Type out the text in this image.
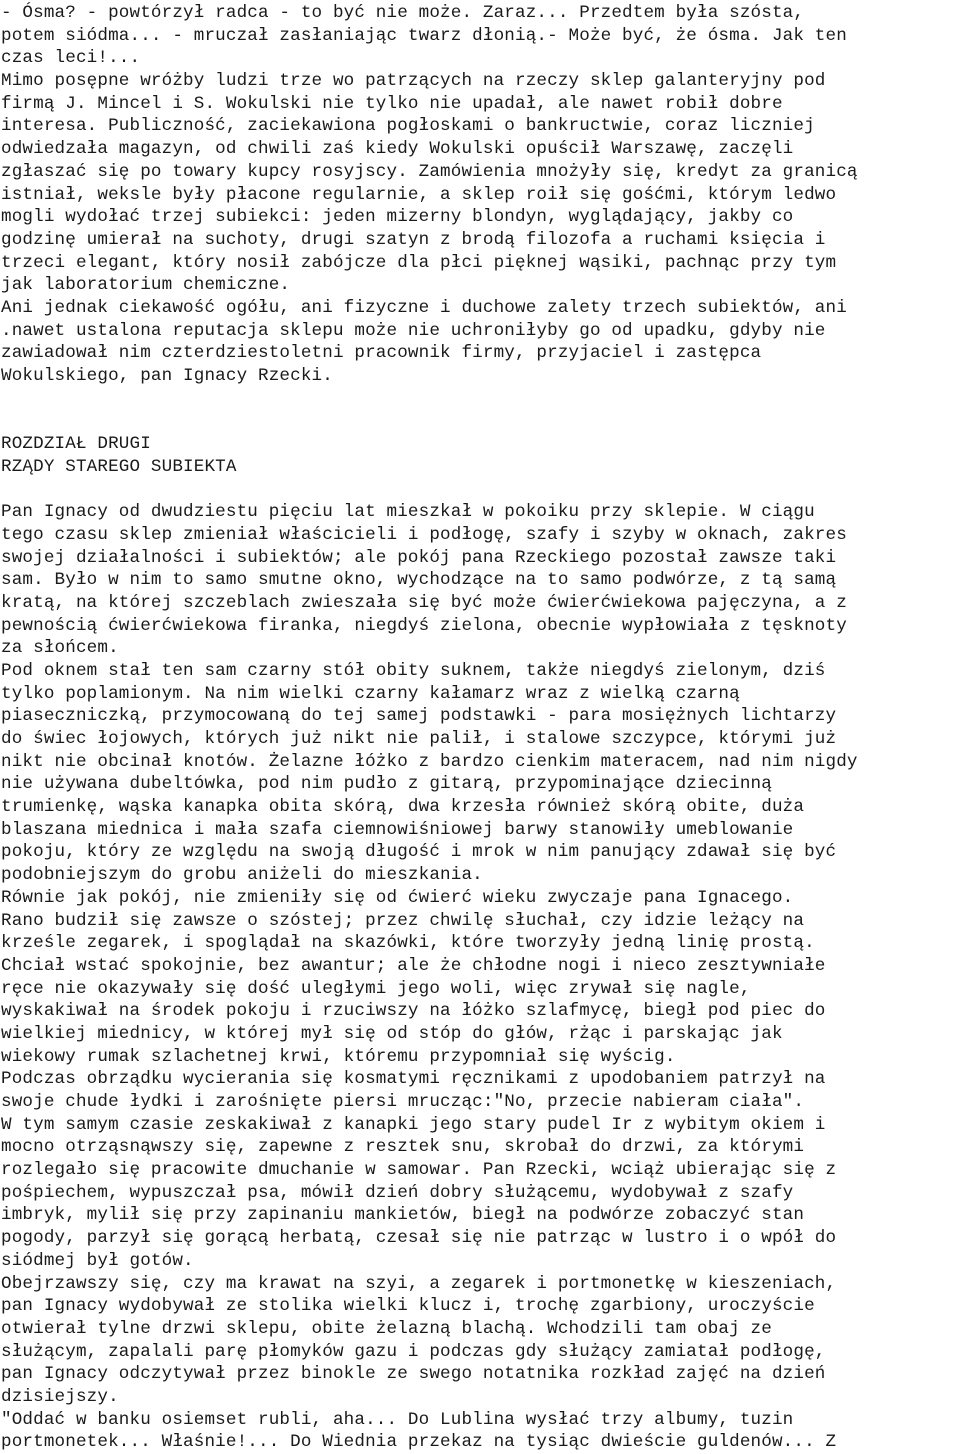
- Ósma? - powtórzył radca - to być nie może. Zaraz... Przedtem była szósta,
potem siódma... - mruczał zasłaniając twarz dłonią.- Może być, że ósma. Jak ten
czas leci!...
Mimo posępne wróżby ludzi trze wo patrzących na rzeczy sklep galanteryjny pod
firmą J. Mincel i S. Wokulski nie tylko nie upadał, ale nawet robił dobre
interesa. Publiczność, zaciekawiona pogłoskami o bankructwie, coraz liczniej
odwiedzała magazyn, od chwili zaś kiedy Wokulski opuścił Warszawę, zaczęli
zgłaszać się po towary kupcy rosyjscy. Zamówienia mnożyły się, kredyt za granicą
istniał, weksle były płacone regularnie, a sklep roił się gośćmi, którym ledwo
mogli wydołać trzej subiekci: jeden mizerny blondyn, wyglądający, jakby co
godzinę umierał na suchoty, drugi szatyn z brodą filozofa a ruchami księcia i
trzeci elegant, który nosił zabójcze dla płci pięknej wąsiki, pachnąc przy tym
jak laboratorium chemiczne.
Ani jednak ciekawość ogółu, ani fizyczne i duchowe zalety trzech subiektów, ani
.nawet ustalona reputacja sklepu może nie uchroniłyby go od upadku, gdyby nie
zawiadował nim czterdziestoletni pracownik firmy, przyjaciel i zastępca
Wokulskiego, pan Ignacy Rzecki.
ROZDZIAŁ DRUGI
RZĄDY STAREGO SUBIEKTA
Pan Ignacy od dwudziestu pięciu lat mieszkał w pokoiku przy sklepie. W ciągu
tego czasu sklep zmieniał właścicieli i podłogę, szafy i szyby w oknach, zakres
swojej działalności i subiektów; ale pokój pana Rzeckiego pozostał zawsze taki
sam. Było w nim to samo smutne okno, wychodzące na to samo podwórze, z tą samą
kratą, na której szczeblach zwieszała się być może ćwierćwiekowa pajęczyna, a z
pewnością ćwierćwiekowa firanka, niegdyś zielona, obecnie wypłowiała z tęsknoty
za słońcem.
Pod oknem stał ten sam czarny stół obity suknem, także niegdyś zielonym, dziś
tylko poplamionym. Na nim wielki czarny kałamarz wraz z wielką czarną
piaseczniczką, przymocowaną do tej samej podstawki - para mosiężnych lichtarzy
do świec łojowych, których już nikt nie palił, i stalowe szczypce, którymi już
nikt nie obcinał knotów. Żelazne łóżko z bardzo cienkim materacem, nad nim nigdy
nie używana dubeltówka, pod nim pudło z gitarą, przypominające dziecinną
trumienkę, wąska kanapka obita skórą, dwa krzesła również skórą obite, duża
blaszana miednica i mała szafa ciemnowiśniowej barwy stanowiły umeblowanie
pokoju, który ze względu na swoją długość i mrok w nim panujący zdawał się być
podobniejszym do grobu aniżeli do mieszkania.
Równie jak pokój, nie zmieniły się od ćwierć wieku zwyczaje pana Ignacego.
Rano budził się zawsze o szóstej; przez chwilę słuchał, czy idzie leżący na
krześle zegarek, i spoglądał na skazówki, które tworzyły jedną linię prostą.
Chciał wstać spokojnie, bez awantur; ale że chłodne nogi i nieco zesztywniałe
ręce nie okazywały się dość uległymi jego woli, więc zrywał się nagle,
wyskakiwał na środek pokoju i rzuciwszy na łóżko szlafmycę, biegł pod piec do
wielkiej miednicy, w której mył się od stóp do głów, rżąc i parskając jak
wiekowy rumak szlachetnej krwi, któremu przypomniał się wyścig.
Podczas obrządku wycierania się kosmatymi ręcznikami z upodobaniem patrzył na
swoje chude łydki i zarośnięte piersi mrucząc:"No, przecie nabieram ciała".
W tym samym czasie zeskakiwał z kanapki jego stary pudel Ir z wybitym okiem i
mocno otrząsnąwszy się, zapewne z resztek snu, skrobał do drzwi, za którymi
rozlegało się pracowite dmuchanie w samowar. Pan Rzecki, wciąż ubierając się z
pośpiechem, wypuszczał psa, mówił dzień dobry służącemu, wydobywał z szafy
imbryk, mylił się przy zapinaniu mankietów, biegł na podwórze zobaczyć stan
pogody, parzył się gorącą herbatą, czesał się nie patrząc w lustro i o wpół do
siódmej był gotów.
Obejrzawszy się, czy ma krawat na szyi, a zegarek i portmonetkę w kieszeniach,
pan Ignacy wydobywał ze stolika wielki klucz i, trochę zgarbiony, uroczyście
otwierał tylne drzwi sklepu, obite żelazną blachą. Wchodzili tam obaj ze
służącym, zapalali parę płomyków gazu i podczas gdy służący zamiatał podłogę,
pan Ignacy odczytywał przez binokle ze swego notatnika rozkład zajęć na dzień
dzisiejszy.
"Oddać w banku osiemset rubli, aha... Do Lublina wysłać trzy albumy, tuzin
portmonetek... Właśnie!... Do Wiednia przekaz na tysiąc dwieście guldenów... Z
